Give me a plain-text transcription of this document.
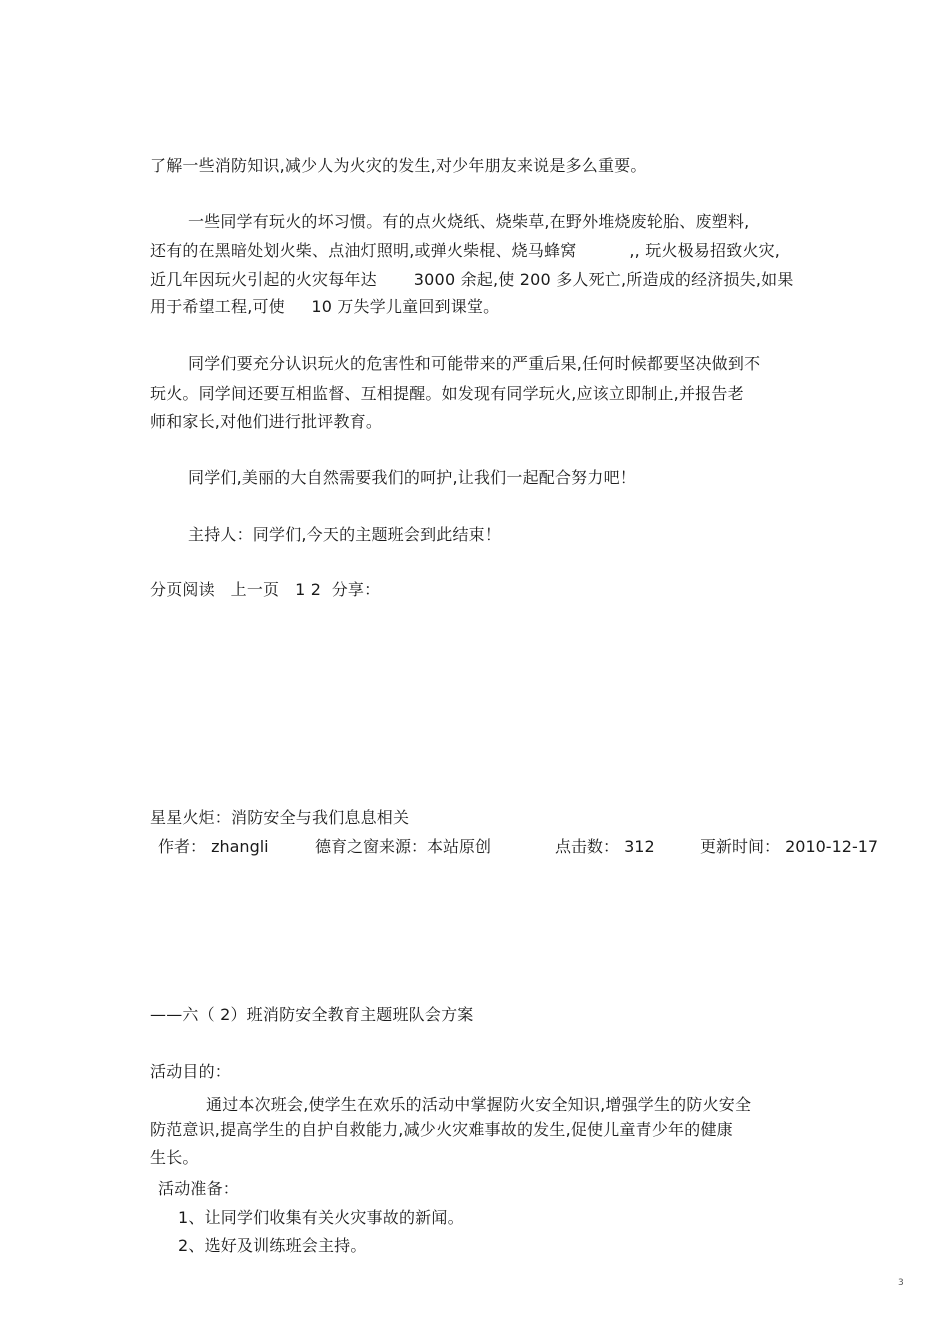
了解一些消防知识,减少人为火灾的发生,对少年朋友来说是多么重要。
一些同学有玩火的坏习惯。有的点火烧纸、烧柴草,在野外堆烧废轮胎、废塑料,
还有的在黑暗处划火柴、点油灯照明,或弹火柴棍、烧马蜂窝          ,, 玩火极易招致火灾,
近几年因玩火引起的火灾每年达       3000 余起,使 200 多人死亡,所造成的经济损失,如果
用于希望工程,可使     10 万失学儿童回到课堂。
同学们要充分认识玩火的危害性和可能带来的严重后果,任何时候都要坚决做到不
玩火。同学间还要互相监督、互相提醒。如发现有同学玩火,应该立即制止,并报告老
师和家长,对他们进行批评教育。
同学们,美丽的大自然需要我们的呵护,让我们一起配合努力吧！
主持人：同学们,今天的主题班会到此结束！
分页阅读   上一页   1 2  分享：
星星火炬：消防安全与我们息息相关
作者： zhangli	德育之窗来源：本站原创	点击数： 312	更新时间： 2010-12-17
——六（ 2）班消防安全教育主题班队会方案
活动目的：
通过本次班会,使学生在欢乐的活动中掌握防火安全知识,增强学生的防火安全
防范意识,提高学生的自护自救能力,减少火灾难事故的发生,促使儿童青少年的健康
生长。
活动准备：
1、让同学们收集有关火灾事故的新闻。
2、选好及训练班会主持。
3
